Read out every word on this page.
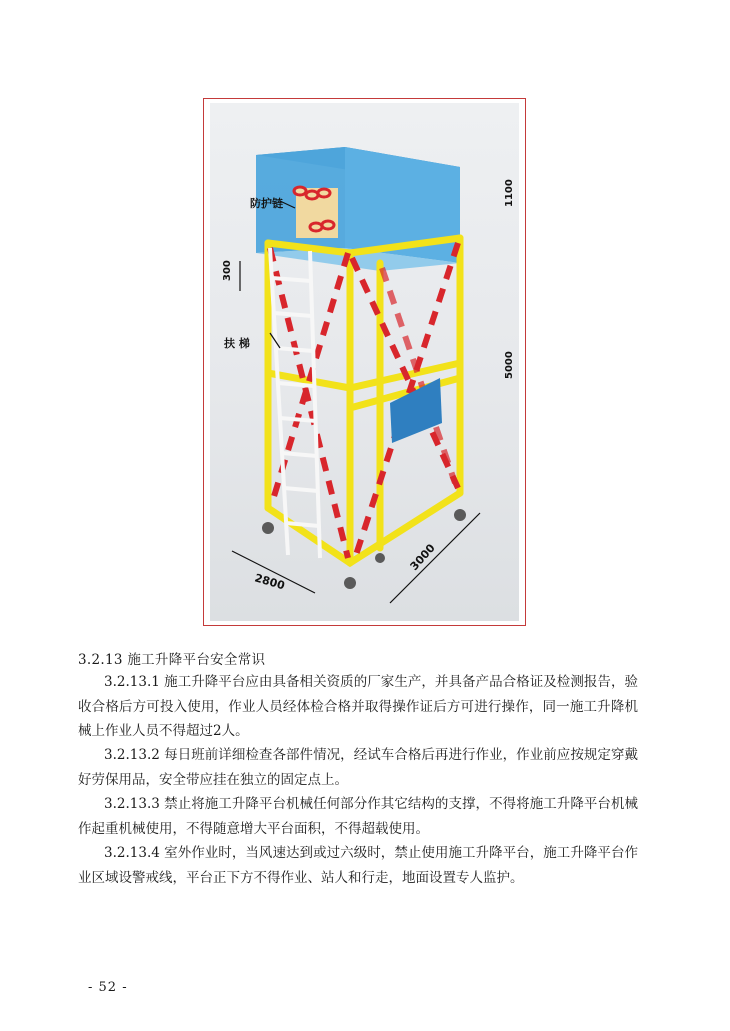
防护链
扶 梯
300
1100
5000
2800
3000
3.2.13 施工升降平台安全常识

3.2.13.1 施工升降平台应由具备相关资质的厂家生产，并具备产品合格证及检测报告，验收合格后方可投入使用，作业人员经体检合格并取得操作证后方可进行操作，同一施工升降机械上作业人员不得超过2人。

3.2.13.2 每日班前详细检查各部件情况，经试车合格后再进行作业，作业前应按规定穿戴好劳保用品，安全带应挂在独立的固定点上。

3.2.13.3 禁止将施工升降平台机械任何部分作其它结构的支撑，不得将施工升降平台机械作起重机械使用，不得随意增大平台面积，不得超载使用。

3.2.13.4 室外作业时，当风速达到或过六级时，禁止使用施工升降平台，施工升降平台作业区域设警戒线，平台正下方不得作业、站人和行走，地面设置专人监护。

- 52 -
